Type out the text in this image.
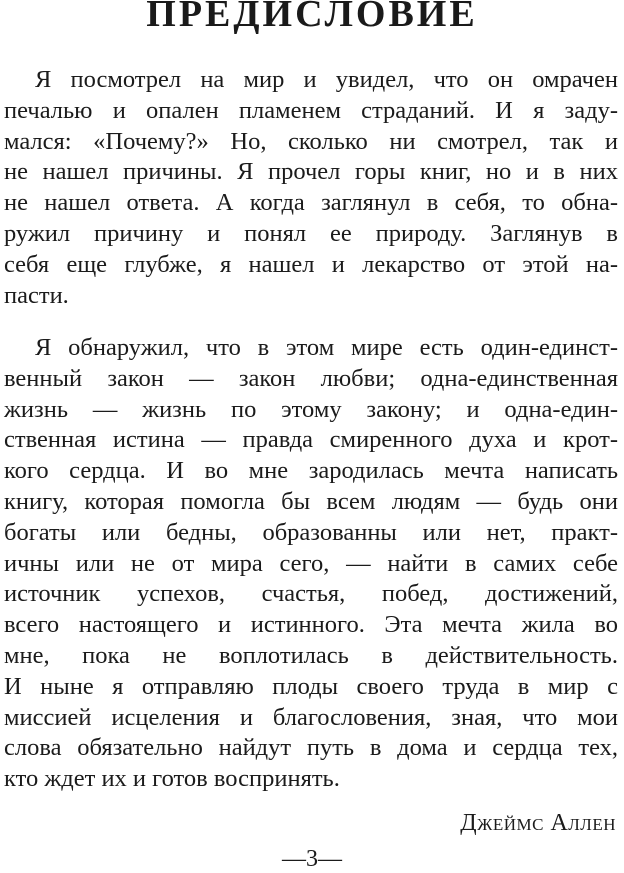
ПРЕДИСЛОВИЕ
Я посмотрел на мир и увидел, что он омрачен
печалью и опален пламенем страданий. И я заду-
мался: «Почему?» Но, сколько ни смотрел, так и
не нашел причины. Я прочел горы книг, но и в них
не нашел ответа. А когда заглянул в себя, то обна-
ружил причину и понял ее природу. Заглянув в
себя еще глубже, я нашел и лекарство от этой на-
пасти.
Я обнаружил, что в этом мире есть один-единст-
венный закон — закон любви; одна-единственная
жизнь — жизнь по этому закону; и одна-един-
ственная истина — правда смиренного духа и крот-
кого сердца. И во мне зародилась мечта написать
книгу, которая помогла бы всем людям — будь они
богаты или бедны, образованны или нет, практ-
ичны или не от мира сего, — найти в самих себе
источник успехов, счастья, побед, достижений,
всего настоящего и истинного. Эта мечта жила во
мне, пока не воплотилась в действительность.
И ныне я отправляю плоды своего труда в мир с
миссией исцеления и благословения, зная, что мои
слова обязательно найдут путь в дома и сердца тех,
кто ждет их и готов воспринять.
Джеймс Аллен
—3—
